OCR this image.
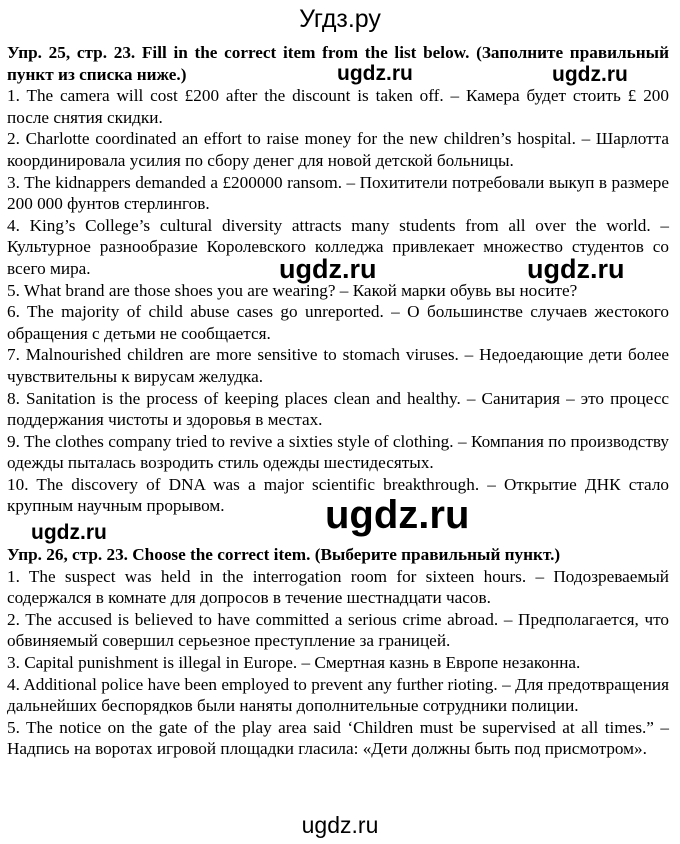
Угдз.ру

Упр. 25, стр. 23. Fill in the correct item from the list below. (Заполните правильный пункт из списка ниже.)

1. The camera will cost £200 after the discount is taken off. – Камера будет стоить £ 200 после снятия скидки.

2. Charlotte coordinated an effort to raise money for the new children’s hospital. – Шарлотта координировала усилия по сбору денег для новой детской больницы.

3. The kidnappers demanded a £200000 ransom. – Похитители потребовали выкуп в размере 200 000 фунтов стерлингов.

4. King’s College’s cultural diversity attracts many students from all over the world. – Культурное разнообразие Королевского колледжа привлекает множество студентов со всего мира.

5. What brand are those shoes you are wearing? – Какой марки обувь вы носите?

6. The majority of child abuse cases go unreported. – О большинстве случаев жестокого обращения с детьми не сообщается.

7. Malnourished children are more sensitive to stomach viruses. – Недоедающие дети более чувствительны к вирусам желудка.

8. Sanitation is the process of keeping places clean and healthy. – Санитария – это процесс поддержания чистоты и здоровья в местах.

9. The clothes company tried to revive a sixties style of clothing. – Компания по производству одежды пыталась возродить стиль одежды шестидесятых.

10. The discovery of DNA was a major scientific breakthrough. – Открытие ДНК стало крупным научным прорывом.

Упр. 26, стр. 23. Choose the correct item. (Выберите правильный пункт.)

1. The suspect was held in the interrogation room for sixteen hours. – Подозреваемый содержался в комнате для допросов в течение шестнадцати часов.

2. The accused is believed to have committed a serious crime abroad. – Предполагается, что обвиняемый совершил серьезное преступление за границей.

3. Capital punishment is illegal in Europe. – Смертная казнь в Европе незаконна.

4. Additional police have been employed to prevent any further rioting. – Для предотвращения дальнейших беспорядков были наняты дополнительные сотрудники полиции.

5. The notice on the gate of the play area said ‘Children must be supervised at all times.” – Надпись на воротах игровой площадки гласила: «Дети должны быть под присмотром».

ugdz.ru	ugdz.ru
ugdz.ru	ugdz.ru
ugdz.ru	ugdz.ru
ugdz.ru
